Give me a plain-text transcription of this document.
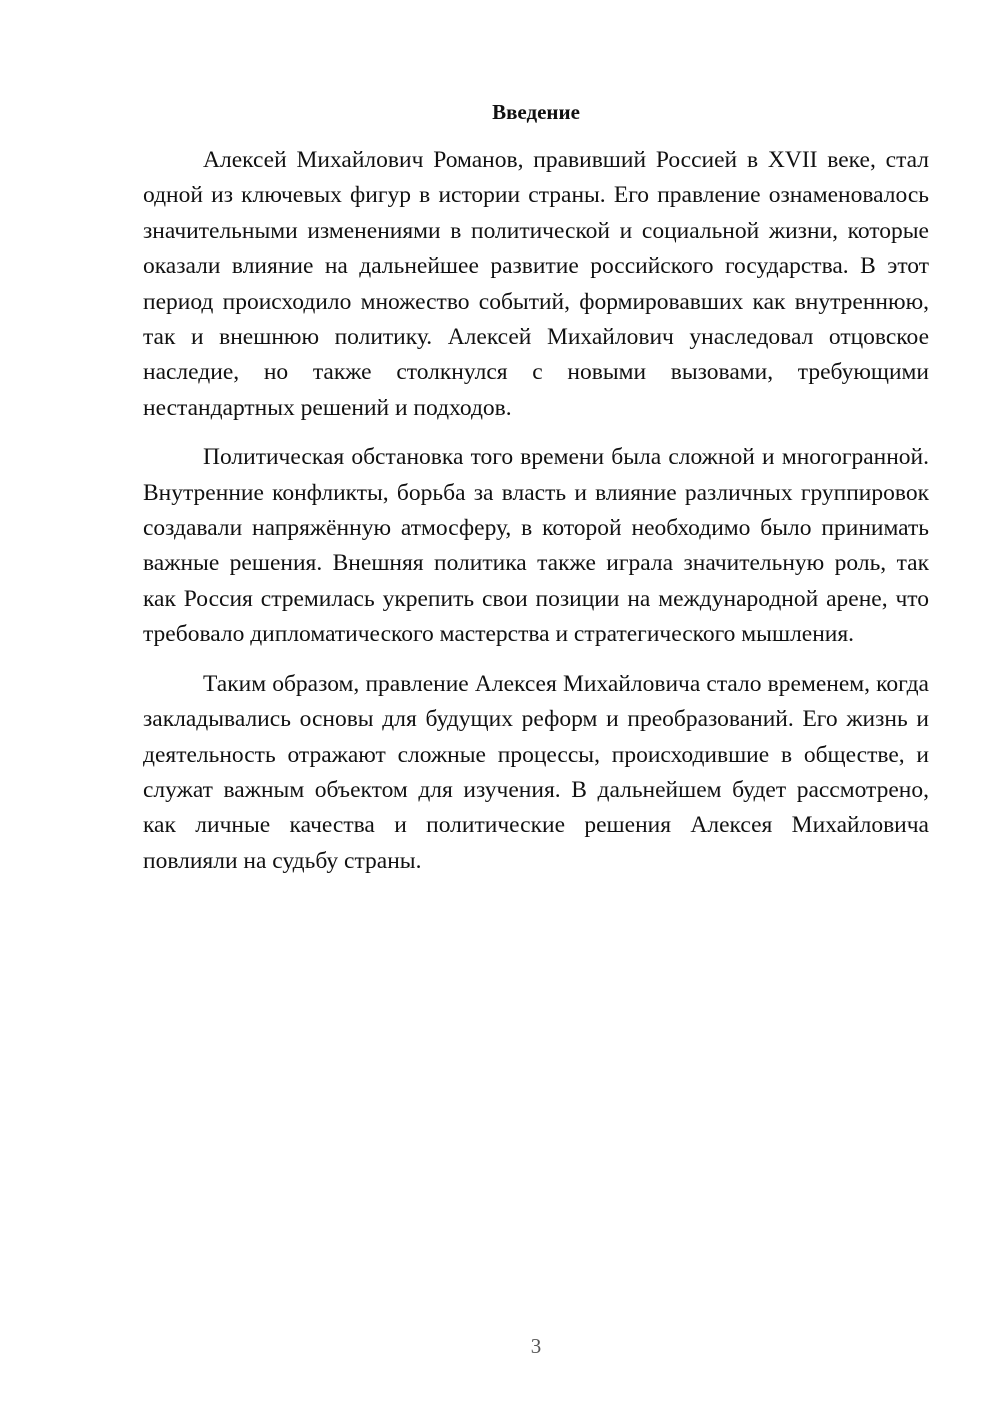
Введение

Алексей Михайлович Романов, правивший Россией в XVII веке, стал одной из ключевых фигур в истории страны. Его правление ознаменовалось значительными изменениями в политической и социальной жизни, которые оказали влияние на дальнейшее развитие российского государства. В этот период происходило множество событий, формировавших как внутреннюю, так и внешнюю политику. Алексей Михайлович унаследовал отцовское наследие, но также столкнулся с новыми вызовами, требующими нестандартных решений и подходов.

Политическая обстановка того времени была сложной и многогранной. Внутренние конфликты, борьба за власть и влияние различных группировок создавали напряжённую атмосферу, в которой необходимо было принимать важные решения. Внешняя политика также играла значительную роль, так как Россия стремилась укрепить свои позиции на международной арене, что требовало дипломатического мастерства и стратегического мышления.

Таким образом, правление Алексея Михайловича стало временем, когда закладывались основы для будущих реформ и преобразований. Его жизнь и деятельность отражают сложные процессы, происходившие в обществе, и служат важным объектом для изучения. В дальнейшем будет рассмотрено, как личные качества и политические решения Алексея Михайловича повлияли на судьбу страны.

3
